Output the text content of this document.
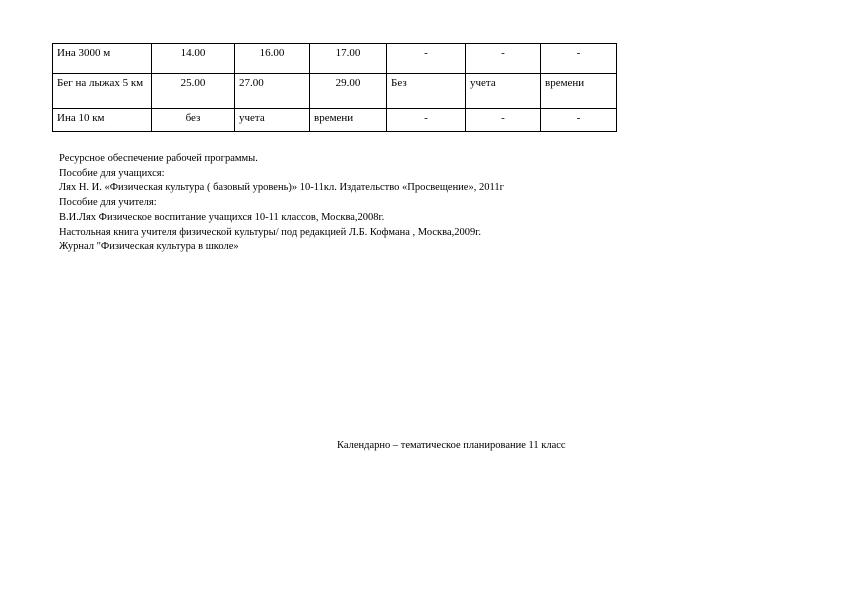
Ина 3000 м	14.00	16.00	17.00	-	-	-
Бег на лыжах 5 км	25.00	27.00	29.00	Без	учета	времени
Ина 10 км	без	учета	времени	-	-	-
Ресурсное обеспечение рабочей программы.
Пособие для учащихся:
Лях Н. И. «Физическая культура ( базовый уровень)» 10-11кл. Издательство «Просвещение», 2011г
Пособие для учителя:
В.И.Лях Физическое воспитание учащихся 10-11 классов, Москва,2008г.
Настольная книга учителя физической культуры/ под редакцией Л.Б. Кофмана , Москва,2009г.
Журнал "Физическая культура в школе»
Календарно – тематическое планирование 11 класс
